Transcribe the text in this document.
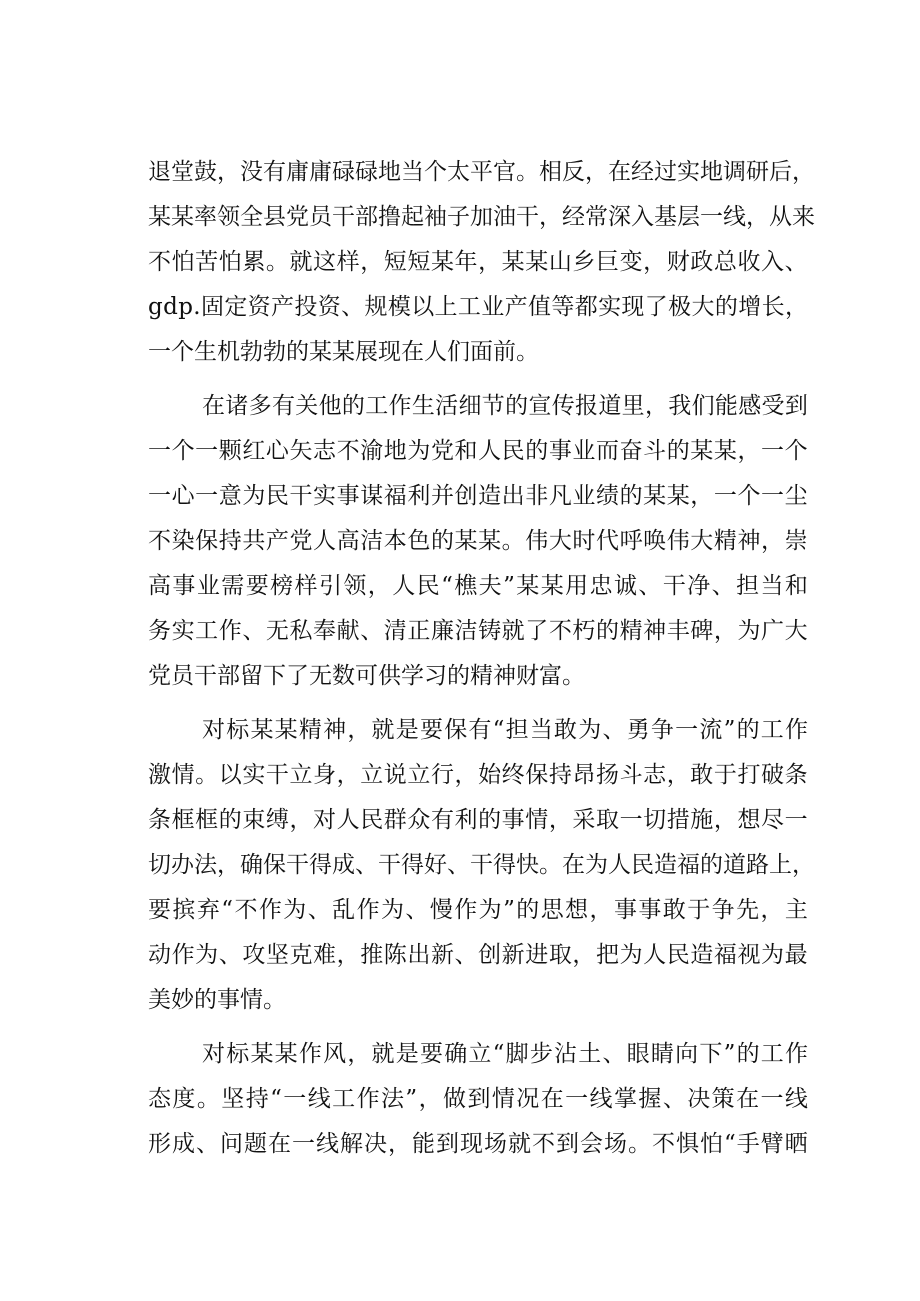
退 堂 鼓 ， 没 有 庸 庸 碌 碌 地 当 个 太 平 官 。 相 反 ， 在 经 过 实 地 调 研 后 ，
某 某 率 领 全 县 党 员 干 部 撸 起 袖 子 加 油 干 ， 经 常 深 入 基 层 一 线 ， 从 来
不 怕 苦 怕 累 。 就 这 样 ， 短 短 某 年 ， 某 某 山 乡 巨 变 ， 财 政 总 收 入 、
g d p . 固 定 资 产 投 资 、 规 模 以 上 工 业 产 值 等 都 实 现 了 极 大 的 增 长 ，
一个生机勃勃的某某展现在人们面前。
在 诸 多 有 关 他 的 工 作 生 活 细 节 的 宣 传 报 道 里 ， 我 们 能 感 受 到
一 个 一 颗 红 心 矢 志 不 渝 地 为 党 和 人 民 的 事 业 而 奋 斗 的 某 某 ， 一 个
一 心 一 意 为 民 干 实 事 谋 福 利 并 创 造 出 非 凡 业 绩 的 某 某 ， 一 个 一 尘
不 染 保 持 共 产 党 人 高 洁 本 色 的 某 某 。 伟 大 时 代 呼 唤 伟 大 精 神 ， 崇
高 事 业 需 要 榜 样 引 领 ， 人 民 “ 樵 夫 ” 某 某 用 忠 诚 、 干 净 、 担 当 和
务 实 工 作 、 无 私 奉 献 、 清 正 廉 洁 铸 就 了 不 朽 的 精 神 丰 碑 ， 为 广 大
党员干部留下了无数可供学习的精神财富。
对 标 某 某 精 神 ， 就 是 要 保 有 “ 担 当 敢 为 、 勇 争 一 流 ” 的 工 作
激 情 。 以 实 干 立 身 ， 立 说 立 行 ， 始 终 保 持 昂 扬 斗 志 ， 敢 于 打 破 条
条 框 框 的 束 缚 ， 对 人 民 群 众 有 利 的 事 情 ， 采 取 一 切 措 施 ， 想 尽 一
切 办 法 ， 确 保 干 得 成 、 干 得 好 、 干 得 快 。 在 为 人 民 造 福 的 道 路 上 ，
要 摈 弃 “ 不 作 为 、 乱 作 为 、 慢 作 为 ” 的 思 想 ， 事 事 敢 于 争 先 ， 主
动 作 为 、 攻 坚 克 难 ， 推 陈 出 新 、 创 新 进 取 ， 把 为 人 民 造 福 视 为 最
美妙的事情。
对 标 某 某 作 风 ， 就 是 要 确 立 “ 脚 步 沾 土 、 眼 睛 向 下 ” 的 工 作
态 度 。 坚 持 “ 一 线 工 作 法 ” ， 做 到 情 况 在 一 线 掌 握 、 决 策 在 一 线
形 成 、 问 题 在 一 线 解 决 ， 能 到 现 场 就 不 到 会 场 。 不 惧 怕 “ 手 臂 晒
